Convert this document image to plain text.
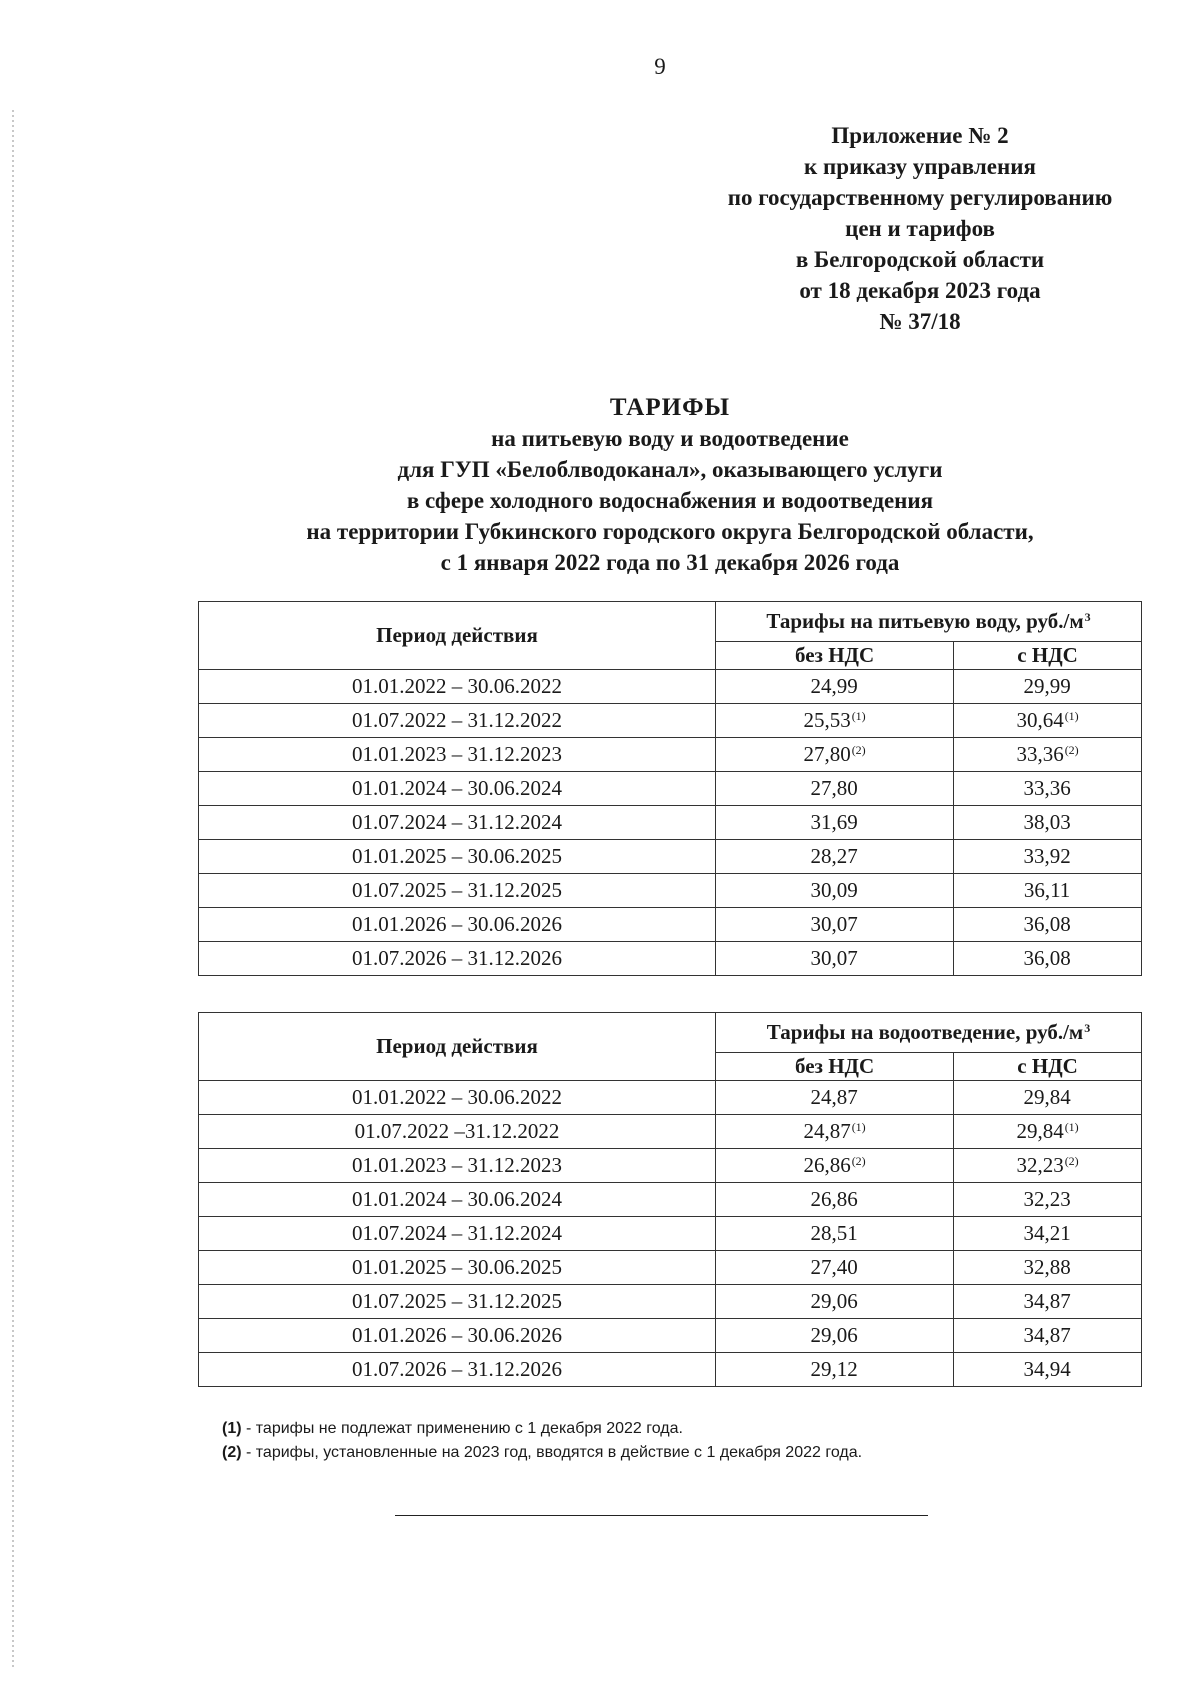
9
Приложение № 2
к приказу управления
по государственному регулированию
цен и тарифов
в Белгородской области
от 18 декабря 2023 года
№ 37/18
ТАРИФЫ
на питьевую воду и водоотведение
для ГУП «Белоблводоканал», оказывающего услуги
в сфере холодного водоснабжения и водоотведения
на территории Губкинского городского округа Белгородской области,
с 1 января 2022 года по 31 декабря 2026 года
Период действия	Тарифы на питьевую воду, $руб./м^3$
	без НДС	с НДС
01.01.2022 – 30.06.2022	24,99	29,99
01.07.2022 – 31.12.2022	25,53$^{(1)}$	30,64$^{(1)}$
01.01.2023 – 31.12.2023	27,80$^{(2)}$	33,36$^{(2)}$
01.01.2024 – 30.06.2024	27,80	33,36
01.07.2024 – 31.12.2024	31,69	38,03
01.01.2025 – 30.06.2025	28,27	33,92
01.07.2025 – 31.12.2025	30,09	36,11
01.01.2026 – 30.06.2026	30,07	36,08
01.07.2026 – 31.12.2026	30,07	36,08
Период действия	Тарифы на водоотведение, $руб./м^3$
	без НДС	с НДС
01.01.2022 – 30.06.2022	24,87	29,84
01.07.2022 –31.12.2022	24,87$^{(1)}$	29,84$^{(1)}$
01.01.2023 – 31.12.2023	26,86$^{(2)}$	32,23$^{(2)}$
01.01.2024 – 30.06.2024	26,86	32,23
01.07.2024 – 31.12.2024	28,51	34,21
01.01.2025 – 30.06.2025	27,40	32,88
01.07.2025 – 31.12.2025	29,06	34,87
01.01.2026 – 30.06.2026	29,06	34,87
01.07.2026 – 31.12.2026	29,12	34,94
(1) - тарифы не подлежат применению с 1 декабря 2022 года.
(2) - тарифы, установленные на 2023 год, вводятся в действие с 1 декабря 2022 года.
